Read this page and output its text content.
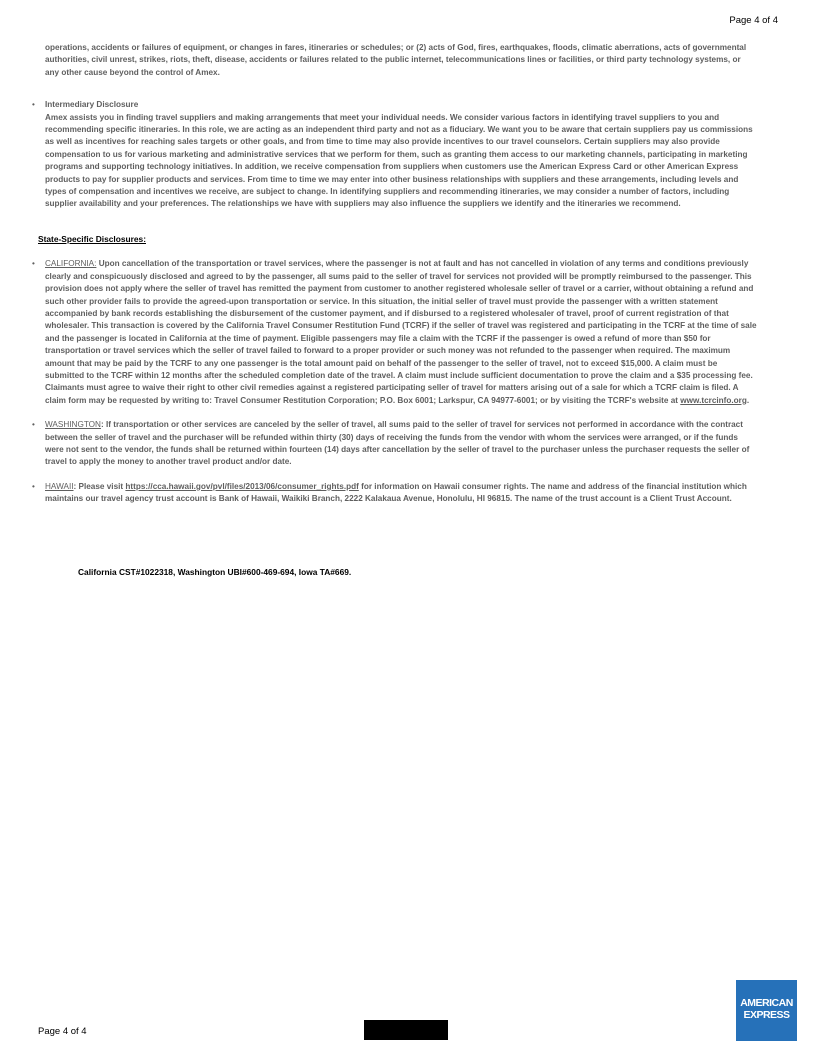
Page 4 of 4

operations, accidents or failures of equipment, or changes in fares, itineraries or schedules; or (2) acts of God, fires, earthquakes, floods, climatic aberrations, acts of governmental authorities, civil unrest, strikes, riots, theft, disease, accidents or failures related to the public internet, telecommunications lines or facilities, or third party technology systems, or any other cause beyond the control of Amex.

• Intermediary Disclosure

Amex assists you in finding travel suppliers and making arrangements that meet your individual needs. We consider various factors in identifying travel suppliers to you and recommending specific itineraries. In this role, we are acting as an independent third party and not as a fiduciary. We want you to be aware that certain suppliers pay us commissions as well as incentives for reaching sales targets or other goals, and from time to time may also provide incentives to our travel counselors. Certain suppliers may also provide compensation to us for various marketing and administrative services that we perform for them, such as granting them access to our marketing channels, participating in marketing programs and supporting technology initiatives. In addition, we receive compensation from suppliers when customers use the American Express Card or other American Express products to pay for supplier products and services. From time to time we may enter into other business relationships with suppliers and these arrangements, including levels and types of compensation and incentives we receive, are subject to change. In identifying suppliers and recommending itineraries, we may consider a number of factors, including supplier availability and your preferences. The relationships we have with suppliers may also influence the suppliers we identify and the itineraries we recommend.

State-Specific Disclosures:

• CALIFORNIA: Upon cancellation of the transportation or travel services, where the passenger is not at fault and has not cancelled in violation of any terms and conditions previously clearly and conspicuously disclosed and agreed to by the passenger, all sums paid to the seller of travel for services not provided will be promptly reimbursed to the passenger. This provision does not apply where the seller of travel has remitted the payment from customer to another registered wholesale seller of travel or a carrier, without obtaining a refund and such other provider fails to provide the agreed-upon transportation or service. In this situation, the initial seller of travel must provide the passenger with a written statement accompanied by bank records establishing the disbursement of the customer payment, and if disbursed to a registered wholesaler of travel, proof of current registration of that wholesaler. This transaction is covered by the California Travel Consumer Restitution Fund (TCRF) if the seller of travel was registered and participating in the TCRF at the time of sale and the passenger is located in California at the time of payment. Eligible passengers may file a claim with the TCRF if the passenger is owed a refund of more than $50 for transportation or travel services which the seller of travel failed to forward to a proper provider or such money was not refunded to the passenger when required. The maximum amount that may be paid by the TCRF to any one passenger is the total amount paid on behalf of the passenger to the seller of travel, not to exceed $15,000. A claim must be submitted to the TCRF within 12 months after the scheduled completion date of the travel. A claim must include sufficient documentation to prove the claim and a $35 processing fee. Claimants must agree to waive their right to other civil remedies against a registered participating seller of travel for matters arising out of a sale for which a TCRF claim is filed. A claim form may be requested by writing to: Travel Consumer Restitution Corporation; P.O. Box 6001; Larkspur, CA 94977-6001; or by visiting the TCRF's website at www.tcrcinfo.org.

• WASHINGTON: If transportation or other services are canceled by the seller of travel, all sums paid to the seller of travel for services not performed in accordance with the contract between the seller of travel and the purchaser will be refunded within thirty (30) days of receiving the funds from the vendor with whom the services were arranged, or if the funds were not sent to the vendor, the funds shall be returned within fourteen (14) days after cancellation by the seller of travel to the purchaser unless the purchaser requests the seller of travel to apply the money to another travel product and/or date.

• HAWAII: Please visit https://cca.hawaii.gov/pvl/files/2013/06/consumer_rights.pdf for information on Hawaii consumer rights. The name and address of the financial institution which maintains our travel agency trust account is Bank of Hawaii, Waikiki Branch, 2222 Kalakaua Avenue, Honolulu, HI 96815. The name of the trust account is a Client Trust Account.

California CST#1022318, Washington UBI#600-469-694, Iowa TA#669.
Page 4 of 4
AMERICAN
EXPRESS
